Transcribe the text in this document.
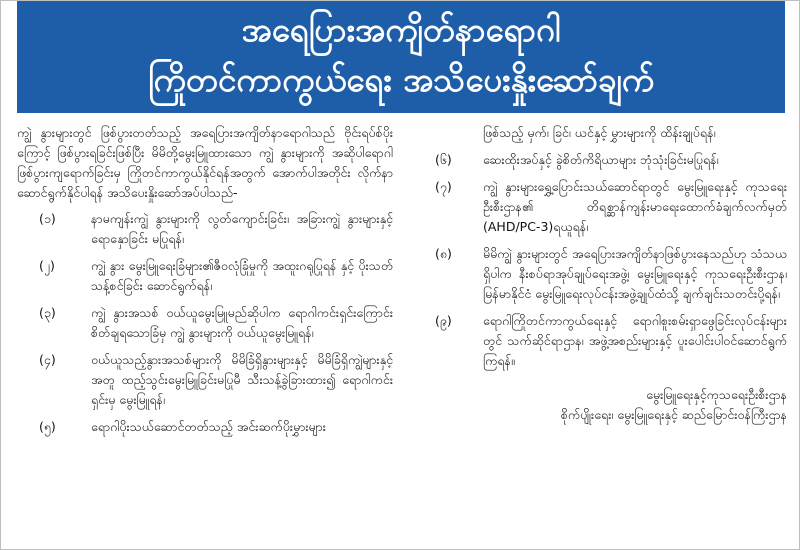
အရေပြားအကျိတ်နာရောဂါ
ကြိုတင်ကာကွယ်ရေး အသိပေးနှိုးဆော်ချက်

ကျွဲ နွားများတွင် ဖြစ်ပွားတတ်သည့် အရေပြားအကျိတ်နာရောဂါသည် ဗိုင်းရပ်စ်ပိုးကြောင့် ဖြစ်ပွားရခြင်းဖြစ်ပြီး မိမိတို့မွေးမြူထားသော ကျွဲ နွားများကို အဆိုပါရောဂါဖြစ်ပွားကျရောက်ခြင်းမှ ကြိုတင်ကာကွယ်နိုင်ရန်အတွက် အောက်ပါအတိုင်း လိုက်နာဆောင်ရွက်နိုင်ပါရန် အသိပေးနှိုးဆော်အပ်ပါသည်-

(၁)	နာမကျန်းကျွဲ နွားများကို လွတ်ကျောင်းခြင်း၊ အခြားကျွဲ နွားများနှင့် ရောနှောခြင်း မပြုရန်၊
(၂)	ကျွဲ နွား မွေးမြူရေးခြံများ၏ဇီဝလုံခြုံမှုကို အထူးဂရုပြုရန် နှင့် ပိုးသတ်သန့်စင်ခြင်း ဆောင်ရွက်ရန်၊
(၃)	ကျွဲ နွားအသစ် ဝယ်ယူမွေးမြူမည်ဆိုပါက ရောဂါကင်းရှင်းကြောင်း စိတ်ချရသောခြံမှ ကျွဲ နွားများကို ဝယ်ယူမွေးမြူရန်၊
(၄)	ဝယ်ယူသည့်နွားအသစ်များကို မိမိခြံရှိနွားများနှင့် မိမိခြံရှိကျွဲများနှင့်အတူ ထည့်သွင်းမွေးမြူခြင်းမပြုမီ သီးသန့်ခွဲခြားထား၍ ရောဂါကင်းရှင်းမှ မွေးမြူရန်၊
(၅)	ရောဂါပိုးသယ်ဆောင်တတ်သည့် အင်းဆက်ပိုးမွှားများ

ဖြစ်သည့် မှက်၊ ခြင်၊ ယင်နှင့် မွှားများကို ထိန်းချုပ်ရန်၊

(၆) ဆေးထိုးအပ်နှင့် ခွဲစိတ်ကိရိယာများ ဘုံသုံးခြင်းမပြုရန်၊
(၇) ကျွဲ နွားများရွှေ့ပြောင်းသယ်ဆောင်ရာတွင် မွေးမြူရေးနှင့် ကုသရေးဦးစီးဌာန၏ တိရစ္ဆာန်ကျန်းမာရေးထောက်ခံချက်လက်မှတ် (AHD/PC-3)ရယူရန်၊
(၈) မိမိကျွဲ နွားများတွင် အရေပြားအကျိတ်နာဖြစ်ပွားနေသည်ဟု သံသယရှိပါက နီးစပ်ရာအုပ်ချုပ်ရေးအဖွဲ့၊ မွေးမြူရေးနှင့် ကုသရေးဦးစီးဌာန၊ မြန်မာနိုင်ငံ မွေးမြူရေးလုပ်ငန်းအဖွဲ့ချုပ်ထံသို့ ချက်ချင်းသတင်းပို့ရန်၊
(၉) ရောဂါကြိုတင်ကာကွယ်ရေးနှင့် ရောဂါစူးစမ်းရှာဖွေခြင်းလုပ်ငန်းများတွင် သက်ဆိုင်ရာဌာန၊ အဖွဲ့အစည်းများနှင့် ပူးပေါင်းပါဝင်ဆောင်ရွက်ကြရန်။
မွေးမြူရေးနှင့်ကုသရေးဦးစီးဌာန
စိုက်ပျိုးရေး၊ မွေးမြူရေးနှင့် ဆည်မြောင်းဝန်ကြီးဌာန
